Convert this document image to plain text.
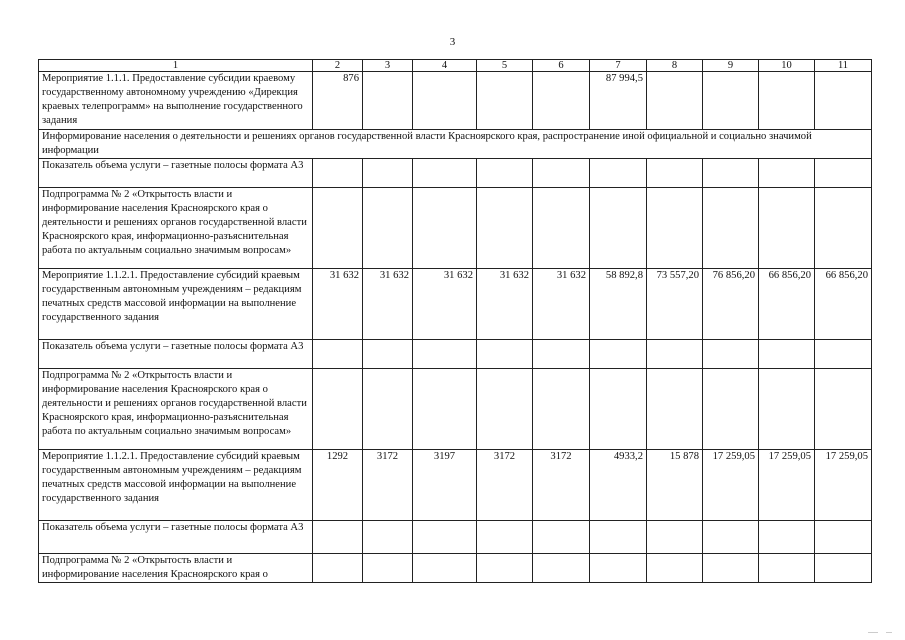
3
1	2	3	4	5	6	7	8	9	10	11
Мероприятие 1.1.1. Предоставление субсидии краевому государственному автономному учреждению «Дирекция краевых телепрограмм» на выполнение государственного задания	876					87 994,5				
Информирование населения о деятельности и решениях органов государственной власти Красноярского края, распространение иной официальной и социально значимой информации										
Показатель объема услуги – газетные полосы формата А3										
Подпрограмма № 2 «Открытость власти и информирование населения Красноярского края о деятельности и решениях органов государственной власти Красноярского края, информационно-разъяснительная работа по актуальным социально значимым вопросам»										
Мероприятие 1.1.2.1. Предоставление субсидий краевым государственным автономным учреждениям – редакциям печатных средств массовой информации на выполнение государственного задания	31 632	31 632	31 632	31 632	31 632	58 892,8	73 557,20	76 856,20	66 856,20	66 856,20
Показатель объема услуги – газетные полосы формата А3										
Подпрограмма № 2 «Открытость власти и информирование населения Красноярского края о деятельности и решениях органов государственной власти Красноярского края, информационно-разъяснительная работа по актуальным социально значимым вопросам»										
Мероприятие 1.1.2.1. Предоставление субсидий краевым государственным автономным учреждениям – редакциям печатных средств массовой информации на выполнение государственного задания	1292	3172	3197	3172	3172	4933,2	15 878	17 259,05	17 259,05	17 259,05
Показатель объема услуги – газетные полосы формата А3										
Подпрограмма № 2 «Открытость власти и информирование населения Красноярского края о										
